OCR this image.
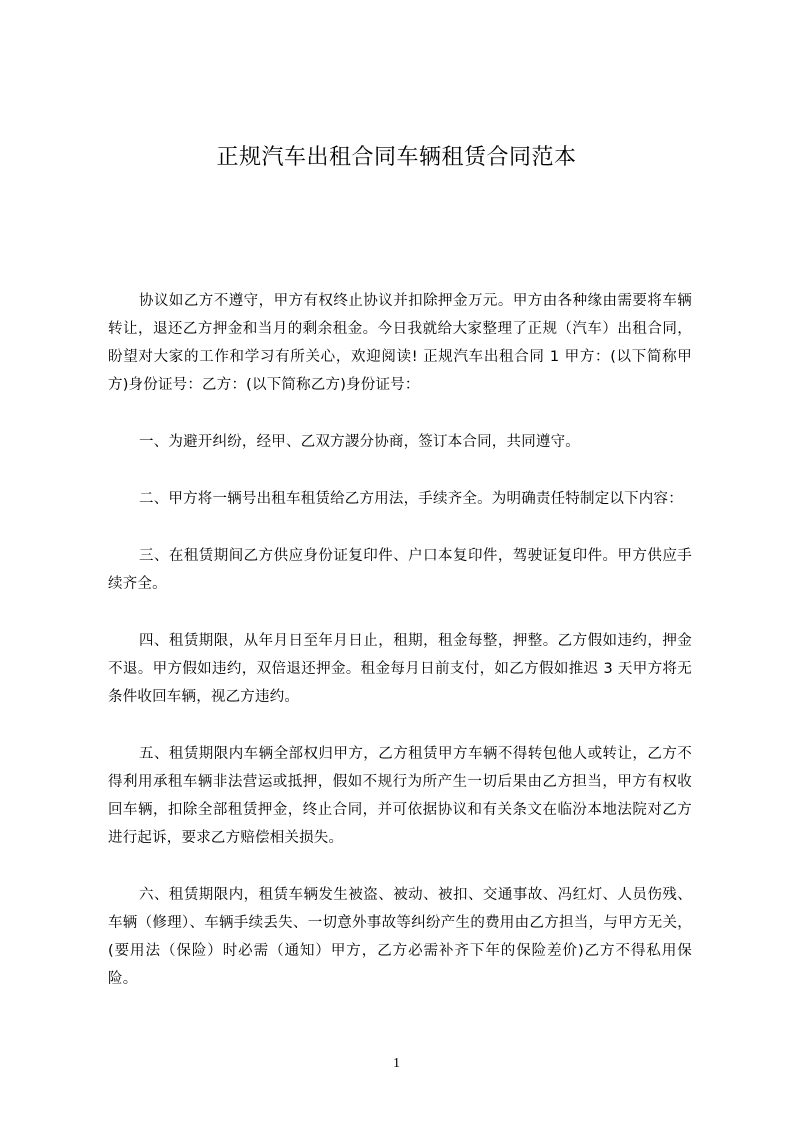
正规汽车出租合同车辆租赁合同范本

协议如乙方不遵守，甲方有权终止协议并扣除押金万元。甲方由各种缘由需要将车辆转让，退还乙方押金和当月的剩余租金。今日我就给大家整理了正规（汽车）出租合同，盼望对大家的工作和学习有所关心，欢迎阅读! 正规汽车出租合同 1 甲方：(以下简称甲方)身份证号：乙方：(以下简称乙方)身份证号：

一、为避开纠纷，经甲、乙双方謖分协商，签订本合同，共同遵守。

二、甲方将一辆号出租车租赁给乙方用法，手续齐全。为明确责任特制定以下内容：

三、在租赁期间乙方供应身份证复印件、户口本复印件，驾驶证复印件。甲方供应手续齐全。

四、租赁期限，从年月日至年月日止，租期，租金每整，押整。乙方假如违约，押金不退。甲方假如违约，双倍退还押金。租金每月日前支付，如乙方假如推迟 3 天甲方将无条件收回车辆，视乙方违约。

五、租赁期限内车辆全部权归甲方，乙方租赁甲方车辆不得转包他人或转让，乙方不得利用承租车辆非法营运或抵押，假如不规行为所产生一切后果由乙方担当，甲方有权收回车辆，扣除全部租赁押金，终止合同，并可依据协议和有关条文在临汾本地法院对乙方进行起诉，要求乙方赔偿相关损失。

六、租赁期限内，租赁车辆发生被盗、被动、被扣、交通事故、冯红灯、人员伤残、车辆（修理）、车辆手续丢失、一切意外事故等纠纷产生的费用由乙方担当，与甲方无关，(要用法（保险）时必需（通知）甲方，乙方必需补齐下年的保险差价)乙方不得私用保险。

1
